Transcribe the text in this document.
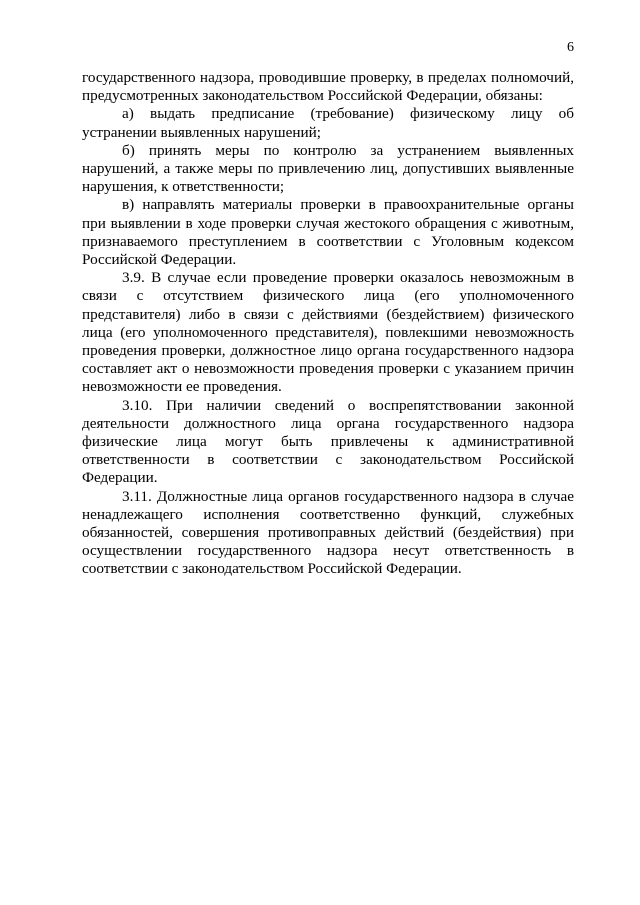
6

государственного надзора, проводившие проверку, в пределах полномочий, предусмотренных законодательством Российской Федерации, обязаны:

а) выдать предписание (требование) физическому лицу об устранении выявленных нарушений;

б) принять меры по контролю за устранением выявленных нарушений, а также меры по привлечению лиц, допустивших выявленные нарушения, к ответственности;

в) направлять материалы проверки в правоохранительные органы при выявлении в ходе проверки случая жестокого обращения с животным, признаваемого преступлением в соответствии с Уголовным кодексом Российской Федерации.

3.9. В случае если проведение проверки оказалось невозможным в связи с отсутствием физического лица (его уполномоченного представителя) либо в связи с действиями (бездействием) физического лица (его уполномоченного представителя), повлекшими невозможность проведения проверки, должностное лицо органа государственного надзора составляет акт о невозможности проведения проверки с указанием причин невозможности ее проведения.

3.10. При наличии сведений о воспрепятствовании законной деятельности должностного лица органа государственного надзора физические лица могут быть привлечены к административной ответственности в соответствии с законодательством Российской Федерации.

3.11. Должностные лица органов государственного надзора в случае ненадлежащего исполнения соответственно функций, служебных обязанностей, совершения противоправных действий (бездействия) при осуществлении государственного надзора несут ответственность в соответствии с законодательством Российской Федерации.
